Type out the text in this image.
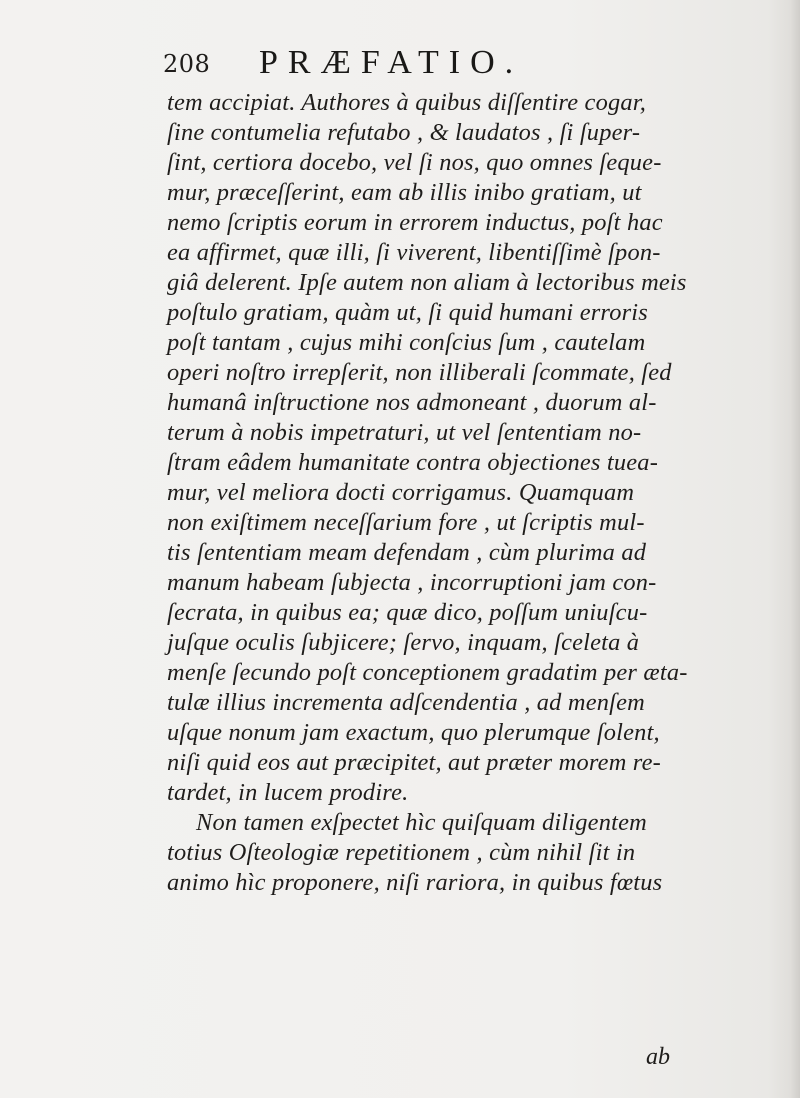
208 PRÆFATIO.
tem accipiat. Authores à quibus diſſentire cogar,
ſine contumelia refutabo , & laudatos , ſi ſuper-
ſint, certiora docebo, vel ſi nos, quo omnes ſeque-
mur, præceſſerint, eam ab illis inibo gratiam, ut
nemo ſcriptis eorum in errorem inductus, poſt hac
ea affirmet, quæ illi, ſi viverent, libentiſſimè ſpon-
giâ delerent. Ipſe autem non aliam à lectoribus meis
poſtulo gratiam, quàm ut, ſi quid humani erroris
poſt tantam , cujus mihi conſcius ſum , cautelam
operi noſtro irrepſerit, non illiberali ſcommate, ſed
humanâ inſtructione nos admoneant , duorum al-
terum à nobis impetraturi, ut vel ſententiam no-
ſtram eâdem humanitate contra objectiones tuea-
mur, vel meliora docti corrigamus. Quamquam
non exiſtimem neceſſarium fore , ut ſcriptis mul-
tis ſententiam meam defendam , cùm plurima ad
manum habeam ſubjecta , incorruptioni jam con-
ſecrata, in quibus ea; quæ dico, poſſum uniuſcu-
juſque oculis ſubjicere; ſervo, inquam, ſceleta à
menſe ſecundo poſt conceptionem gradatim per æta-
tulæ illius incrementa adſcendentia , ad menſem
uſque nonum jam exactum, quo plerumque ſolent,
niſi quid eos aut præcipitet, aut præter morem re-
tardet, in lucem prodire.
Non tamen exſpectet hìc quiſquam diligentem
totius Oſteologiæ repetitionem , cùm nihil ſit in
animo hìc proponere, niſi rariora, in quibus fœtus
ab
